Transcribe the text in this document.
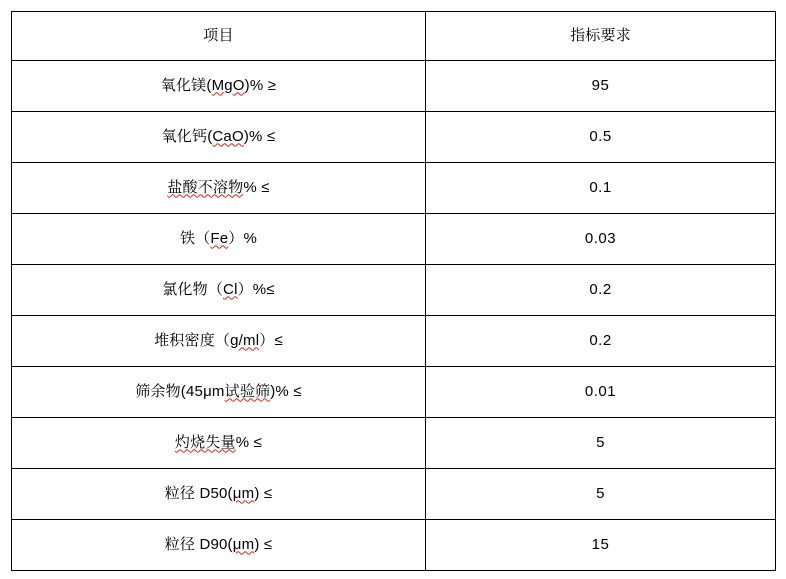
项目	指标要求
氧化镁(MgO)% ≥	95
氧化钙(CaO)% ≤	0.5
盐酸不溶物% ≤	0.1
铁（Fe）%	0.03
氯化物（Cl）%≤	0.2
堆积密度（g/ml）≤	0.2
筛余物(45μm试验筛)% ≤	0.01
灼烧失量% ≤	5
粒径 D50(μm) ≤	5
粒径 D90(μm) ≤	15
